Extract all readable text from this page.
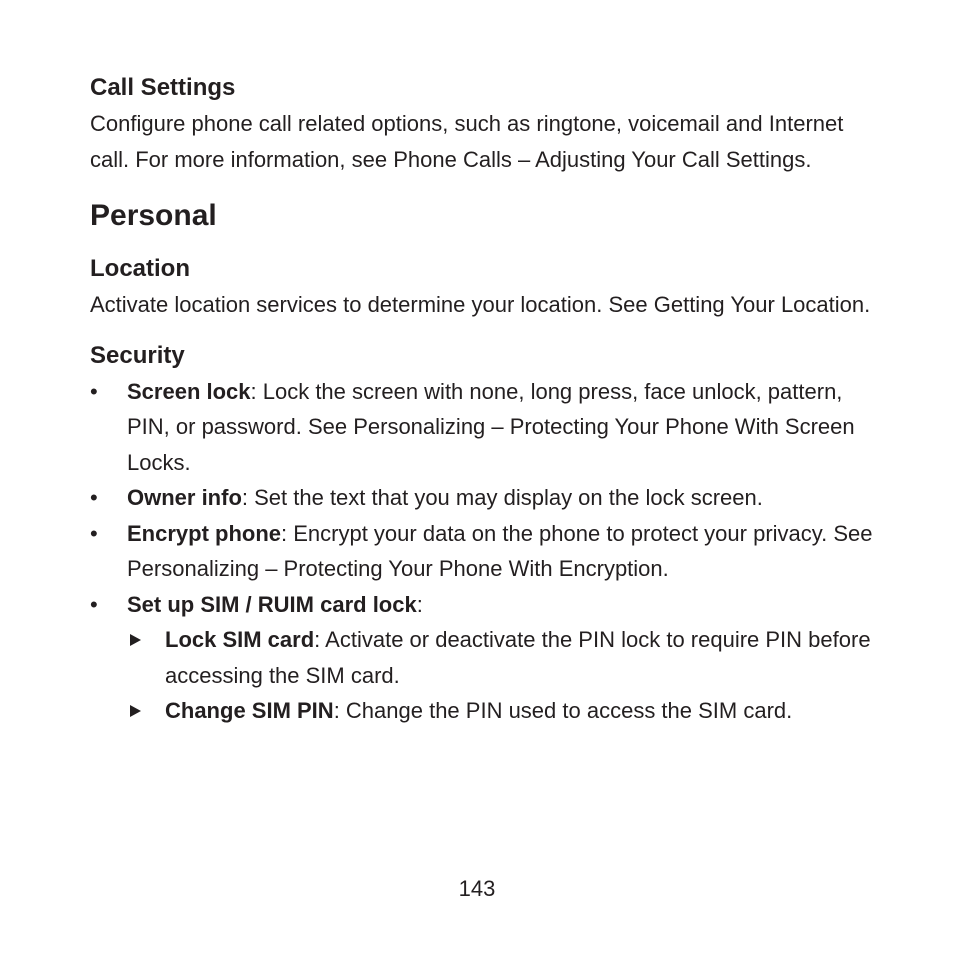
Call Settings

Configure phone call related options, such as ringtone, voicemail and Internet call. For more information, see Phone Calls – Adjusting Your Call Settings.

Personal
Location

Activate location services to determine your location. See Getting Your Location.

Security
•	Screen lock: Lock the screen with none, long press, face unlock, pattern, PIN, or password. See Personalizing – Protecting Your Phone With Screen Locks.
•	Owner info: Set the text that you may display on the lock screen.
•	Encrypt phone: Encrypt your data on the phone to protect your privacy. See Personalizing – Protecting Your Phone With Encryption.
•	Set up SIM / RUIM card lock:
Lock SIM card: Activate or deactivate the PIN lock to require PIN before accessing the SIM card.
Change SIM PIN: Change the PIN used to access the SIM card.
143
